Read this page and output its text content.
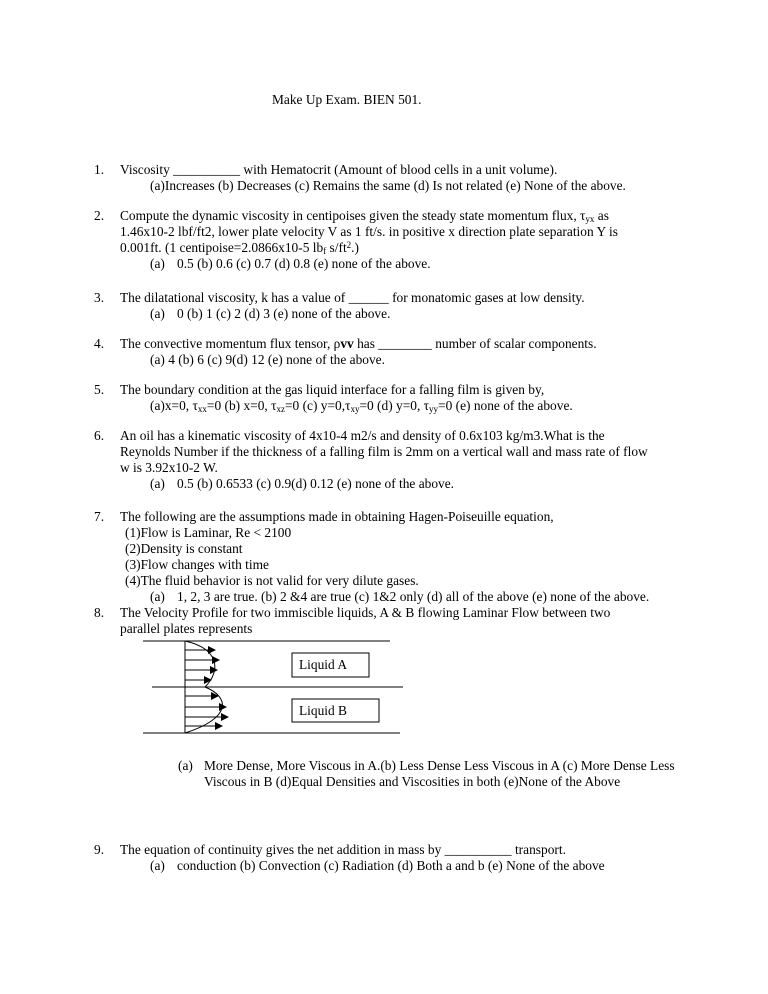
Make Up Exam. BIEN 501.
1. Viscosity __________ with Hematocrit (Amount of blood cells in a unit volume).
(a)Increases (b) Decreases (c) Remains the same (d) Is not related (e) None of the above.
2. Compute the dynamic viscosity in centipoises given the steady state momentum flux, $\tau_{yx}$ as
1.46x10-2 lbf/ft2, lower plate velocity V as 1 ft/s. in positive x direction plate separation Y is
0.001ft. (1 centipoise=2.0866x10-5 $lb_f$ $s/ft^2$.)
(a) 0.5 (b) 0.6 (c) 0.7 (d) 0.8 (e) none of the above.
3. The dilatational viscosity, k has a value of ______ for monatomic gases at low density.
(a) 0 (b) 1 (c) 2 (d) 3 (e) none of the above.
4. The convective momentum flux tensor, ρvv has ________ number of scalar components.
(a) 4 (b) 6 (c) 9(d) 12 (e) none of the above.
5. The boundary condition at the gas liquid interface for a falling film is given by,
(a)x=0, $\tau_{xx}=0$ (b) x=0, $\tau_{xz}=0$ (c) $y=0,\tau_{xy}=0$ (d) y=0, $\tau_{yy}=0$ (e) none of the above.
6. An oil has a kinematic viscosity of 4x10-4 m2/s and density of 0.6x103 kg/m3.What is the
Reynolds Number if the thickness of a falling film is 2mm on a vertical wall and mass rate of flow
w is 3.92x10-2 W.
(a) 0.5 (b) 0.6533 (c) 0.9(d) 0.12 (e) none of the above.
7. The following are the assumptions made in obtaining Hagen-Poiseuille equation,
(1)Flow is Laminar, Re < 2100
(2)Density is constant
(3)Flow changes with time
(4)The fluid behavior is not valid for very dilute gases.
(a) 1, 2, 3 are true. (b) 2 &4 are true (c) 1&2 only (d) all of the above (e) none of the above.
8. The Velocity Profile for two immiscible liquids, A & B flowing Laminar Flow between two
parallel plates represents
Liquid A
Liquid B
(a) More Dense, More Viscous in A.(b) Less Dense Less Viscous in A (c) More Dense Less
Viscous in B (d)Equal Densities and Viscosities in both (e)None of the Above
9. The equation of continuity gives the net addition in mass by __________ transport.
(a) conduction (b) Convection (c) Radiation (d) Both a and b (e) None of the above
